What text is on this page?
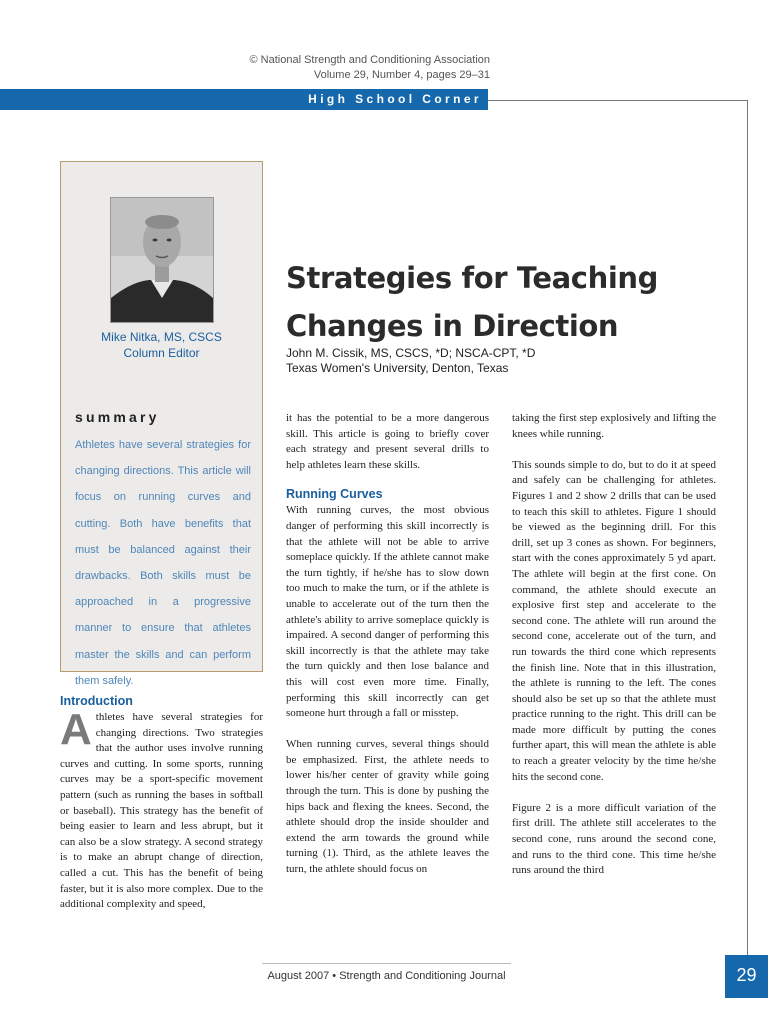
© National Strength and Conditioning Association
Volume 29, Number 4, pages 29–31
High School Corner
Mike Nitka, MS, CSCS
Column Editor
summary
Athletes have several strategies for changing directions. This article will focus on running curves and cutting. Both have benefits that must be balanced against their drawbacks. Both skills must be approached in a progressive manner to ensure that athletes master the skills and can perform them safely.
Strategies for Teaching
Changes in Direction
John M. Cissik, MS, CSCS, *D; NSCA-CPT, *D
Texas Women's University, Denton, Texas
Introduction

Athletes have several strategies for changing directions. Two strategies that the author uses involve running curves and cutting. In some sports, running curves may be a sport-specific movement pattern (such as running the bases in softball or baseball). This strategy has the benefit of being easier to learn and less abrupt, but it can also be a slow strategy. A second strategy is to make an abrupt change of direction, called a cut. This has the benefit of being faster, but it is also more complex. Due to the additional complexity and speed,

it has the potential to be a more dangerous skill. This article is going to briefly cover each strategy and present several drills to help athletes learn these skills.

Running Curves

With running curves, the most obvious danger of performing this skill incorrectly is that the athlete will not be able to arrive someplace quickly. If the athlete cannot make the turn tightly, if he/she has to slow down too much to make the turn, or if the athlete is unable to accelerate out of the turn then the athlete's ability to arrive someplace quickly is impaired. A second danger of performing this skill incorrectly is that the athlete may take the turn quickly and then lose balance and this will cost even more time. Finally, performing this skill incorrectly can get someone hurt through a fall or misstep.

When running curves, several things should be emphasized. First, the athlete needs to lower his/her center of gravity while going through the turn. This is done by pushing the hips back and flexing the knees. Second, the athlete should drop the inside shoulder and extend the arm towards the ground while turning (1). Third, as the athlete leaves the turn, the athlete should focus on

taking the first step explosively and lifting the knees while running.

This sounds simple to do, but to do it at speed and safely can be challenging for athletes. Figures 1 and 2 show 2 drills that can be used to teach this skill to athletes. Figure 1 should be viewed as the beginning drill. For this drill, set up 3 cones as shown. For beginners, start with the cones approximately 5 yd apart. The athlete will begin at the first cone. On command, the athlete should execute an explosive first step and accelerate to the second cone. The athlete will run around the second cone, accelerate out of the turn, and run towards the third cone which represents the finish line. Note that in this illustration, the athlete is running to the left. The cones should also be set up so that the athlete must practice running to the right. This drill can be made more difficult by putting the cones further apart, this will mean the athlete is able to reach a greater velocity by the time he/she hits the second cone.

Figure 2 is a more difficult variation of the first drill. The athlete still accelerates to the second cone, runs around the second cone, and runs to the third cone. This time he/she runs around the third

August 2007 • Strength and Conditioning Journal	29
